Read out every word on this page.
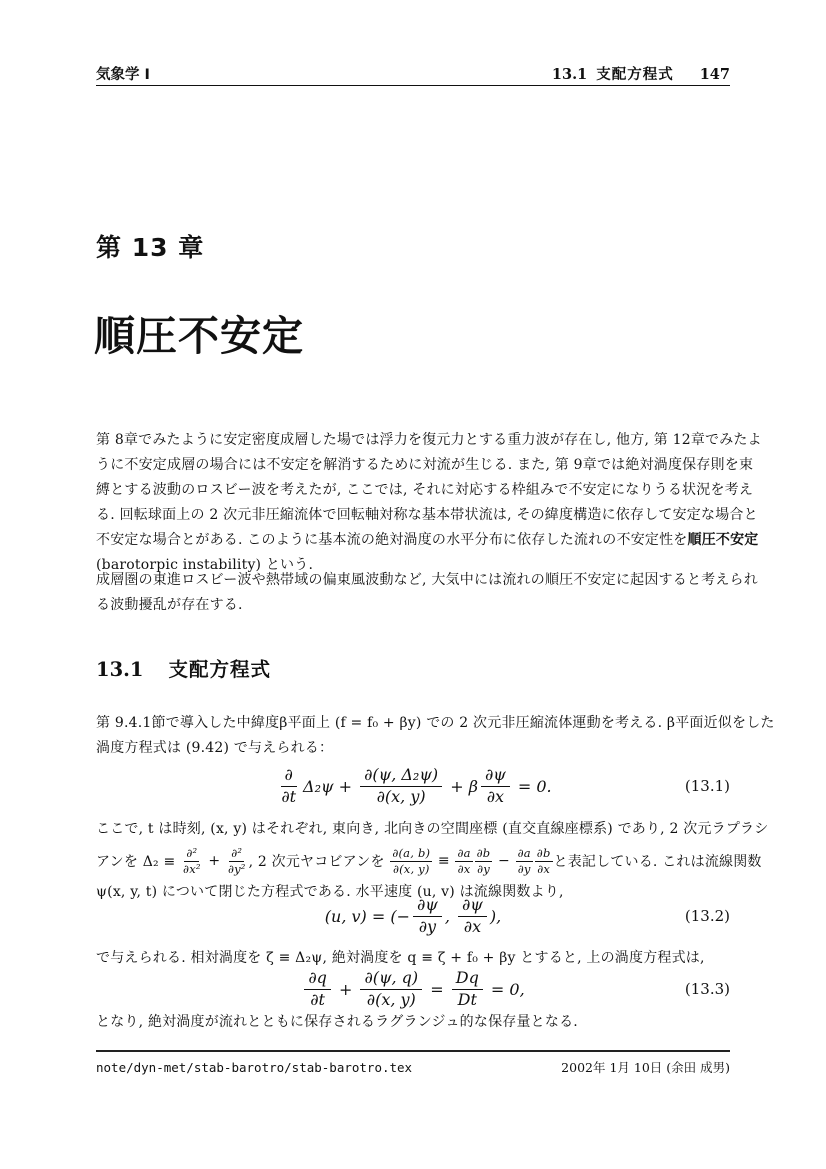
気象学 I	13.1 支配方程式 147
第 13 章
順圧不安定
第 8章でみたように安定密度成層した場では浮力を復元力とする重力波が存在し, 他方, 第 12章でみたよ
うに不安定成層の場合には不安定を解消するために対流が生じる. また, 第 9章では絶対渦度保存則を束
縛とする波動のロスビー波を考えたが, ここでは, それに対応する枠組みで不安定になりうる状況を考え
る. 回転球面上の 2 次元非圧縮流体で回転軸対称な基本帯状流は, その緯度構造に依存して安定な場合と
不安定な場合とがある. このように基本流の絶対渦度の水平分布に依存した流れの不安定性を順圧不安定
(barotorpic instability) という.
成層圏の東進ロスビー波や熱帯域の偏東風波動など, 大気中には流れの順圧不安定に起因すると考えられ
る波動擾乱が存在する.
13.1 支配方程式
第 9.4.1節で導入した中緯度β平面上 (f = f₀ + βy) での 2 次元非圧縮流体運動を考える. β平面近似をした
渦度方程式は (9.42) で与えられる：
$\frac{\partial}{\partial t} \Delta_2\psi + \frac{\text{∂(ψ, Δ₂ψ)}}{\partial(x, y)} + \beta \frac{\partial\psi}{\partial x} = 0$.	(13.1)
ここで, t は時刻, (x, y) はそれぞれ, 東向き, 北向きの空間座標 (直交直線座標系) であり, 2 次元ラプラシ
アンを $\Delta_2 \equiv \frac{\text{∂²}}{\text{∂x²}} + \frac{\text{∂²}}{\text{∂y²}}$ , 2 次元ヤコビアンを $\frac{\partial(a, b)}{\partial(x, y)} \equiv \frac{\partial a}{\partial x} \frac{\partial b}{\partial y} - \frac{\partial a}{\partial y} \frac{\partial b}{\partial x}$ と表記している. これは流線関数
ψ(x, y, t) について閉じた方程式である. 水平速度 (u, v) は流線関数より,
(u, v) = (− $\frac{\partial\psi}{\partial y}$ , $\frac{\partial\psi}{\partial x}$ ),	(13.2)
で与えられる. 相対渦度を ζ ≡ Δ₂ψ, 絶対渦度を q ≡ ζ + f₀ + βy とすると, 上の渦度方程式は,
$\frac{\partial q}{\partial t} + \frac{\partial(\psi, q)}{\partial(x, y)} = \frac{Dq}{Dt} = 0$,	(13.3)
となり, 絶対渦度が流れとともに保存されるラグランジュ的な保存量となる.
note/dyn-met/stab-barotro/stab-barotro.tex	2002年 1月 10日 (余田 成男)
